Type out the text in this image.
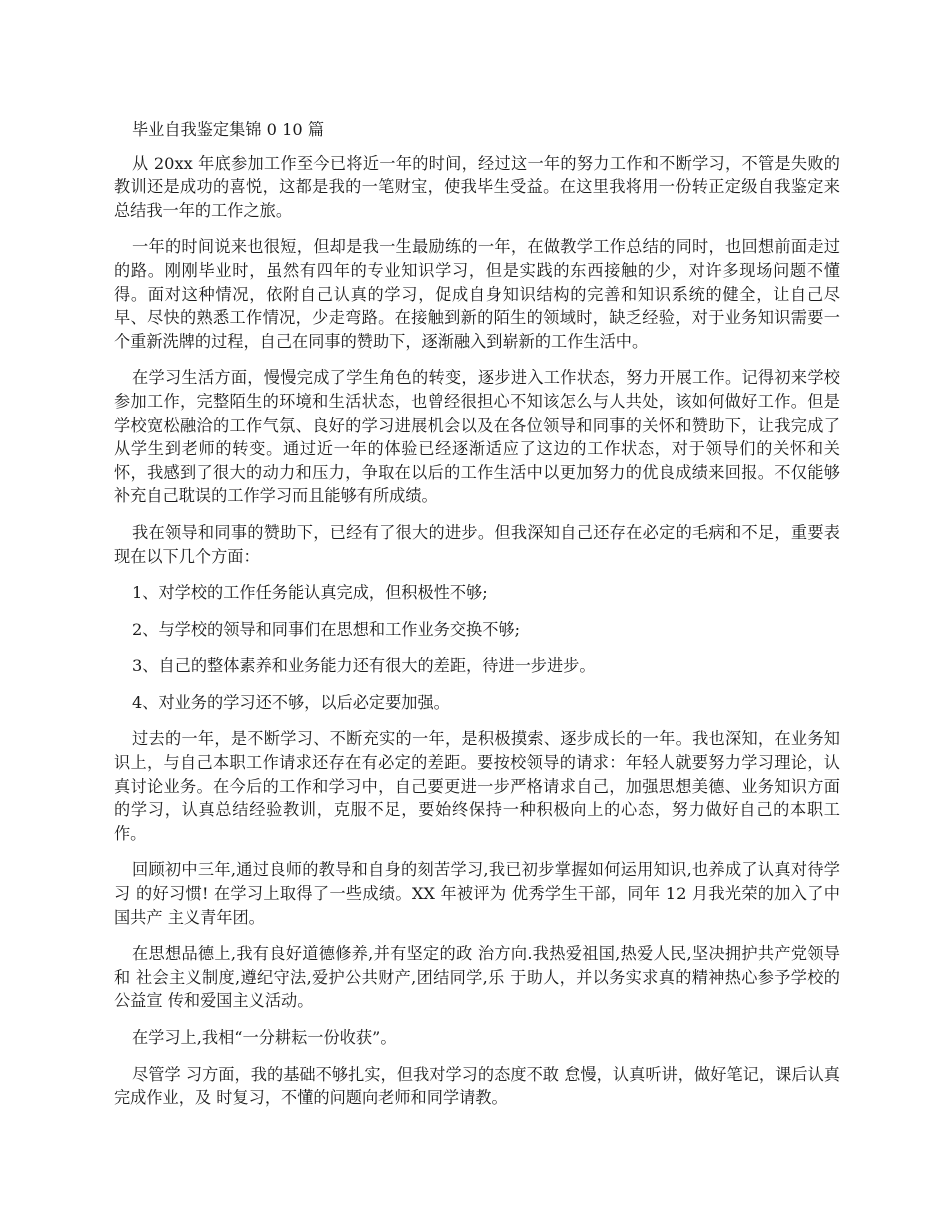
毕业自我鉴定集锦 0 10 篇

从 20xx 年底参加工作至今已将近一年的时间，经过这一年的努力工作和不断学习，不管是失败的教训还是成功的喜悦，这都是我的一笔财宝，使我毕生受益。在这里我将用一份转正定级自我鉴定来总结我一年的工作之旅。

一年的时间说来也很短，但却是我一生最励练的一年，在做教学工作总结的同时，也回想前面走过的路。刚刚毕业时，虽然有四年的专业知识学习，但是实践的东西接触的少，对许多现场问题不懂得。面对这种情况，依附自己认真的学习，促成自身知识结构的完善和知识系统的健全，让自己尽早、尽快的熟悉工作情况，少走弯路。在接触到新的陌生的领域时，缺乏经验，对于业务知识需要一个重新洗牌的过程，自己在同事的赞助下，逐渐融入到崭新的工作生活中。

在学习生活方面，慢慢完成了学生角色的转变，逐步进入工作状态，努力开展工作。记得初来学校参加工作，完整陌生的环境和生活状态，也曾经很担心不知该怎么与人共处，该如何做好工作。但是学校宽松融洽的工作气氛、良好的学习进展机会以及在各位领导和同事的关怀和赞助下，让我完成了从学生到老师的转变。通过近一年的体验已经逐渐适应了这边的工作状态，对于领导们的关怀和关怀，我感到了很大的动力和压力，争取在以后的工作生活中以更加努力的优良成绩来回报。不仅能够补充自己耽误的工作学习而且能够有所成绩。

我在领导和同事的赞助下，已经有了很大的进步。但我深知自己还存在必定的毛病和不足，重要表现在以下几个方面：

1、对学校的工作任务能认真完成，但积极性不够;

2、与学校的领导和同事们在思想和工作业务交换不够;

3、自己的整体素养和业务能力还有很大的差距，待进一步进步。

4、对业务的学习还不够，以后必定要加强。

过去的一年，是不断学习、不断充实的一年，是积极摸索、逐步成长的一年。我也深知，在业务知识上，与自己本职工作请求还存在有必定的差距。要按校领导的请求：年轻人就要努力学习理论，认真讨论业务。在今后的工作和学习中，自己要更进一步严格请求自己，加强思想美德、业务知识方面的学习，认真总结经验教训，克服不足，要始终保持一种积极向上的心态，努力做好自己的本职工作。

回顾初中三年,通过良师的教导和自身的刻苦学习,我已初步掌握如何运用知识,也养成了认真对待学习 的好习惯! 在学习上取得了一些成绩。XX 年被评为 优秀学生干部，同年 12 月我光荣的加入了中国共产 主义青年团。

在思想品德上,我有良好道德修养,并有坚定的政 治方向.我热爱祖国,热爱人民,坚决拥护共产党领导和 社会主义制度,遵纪守法,爱护公共财产,团结同学,乐 于助人，并以务实求真的精神热心参予学校的公益宣 传和爱国主义活动。

在学习上,我相“一分耕耘一份收获”。

尽管学 习方面，我的基础不够扎实，但我对学习的态度不敢 怠慢，认真听讲，做好笔记，课后认真完成作业，及 时复习，不懂的问题向老师和同学请教。
